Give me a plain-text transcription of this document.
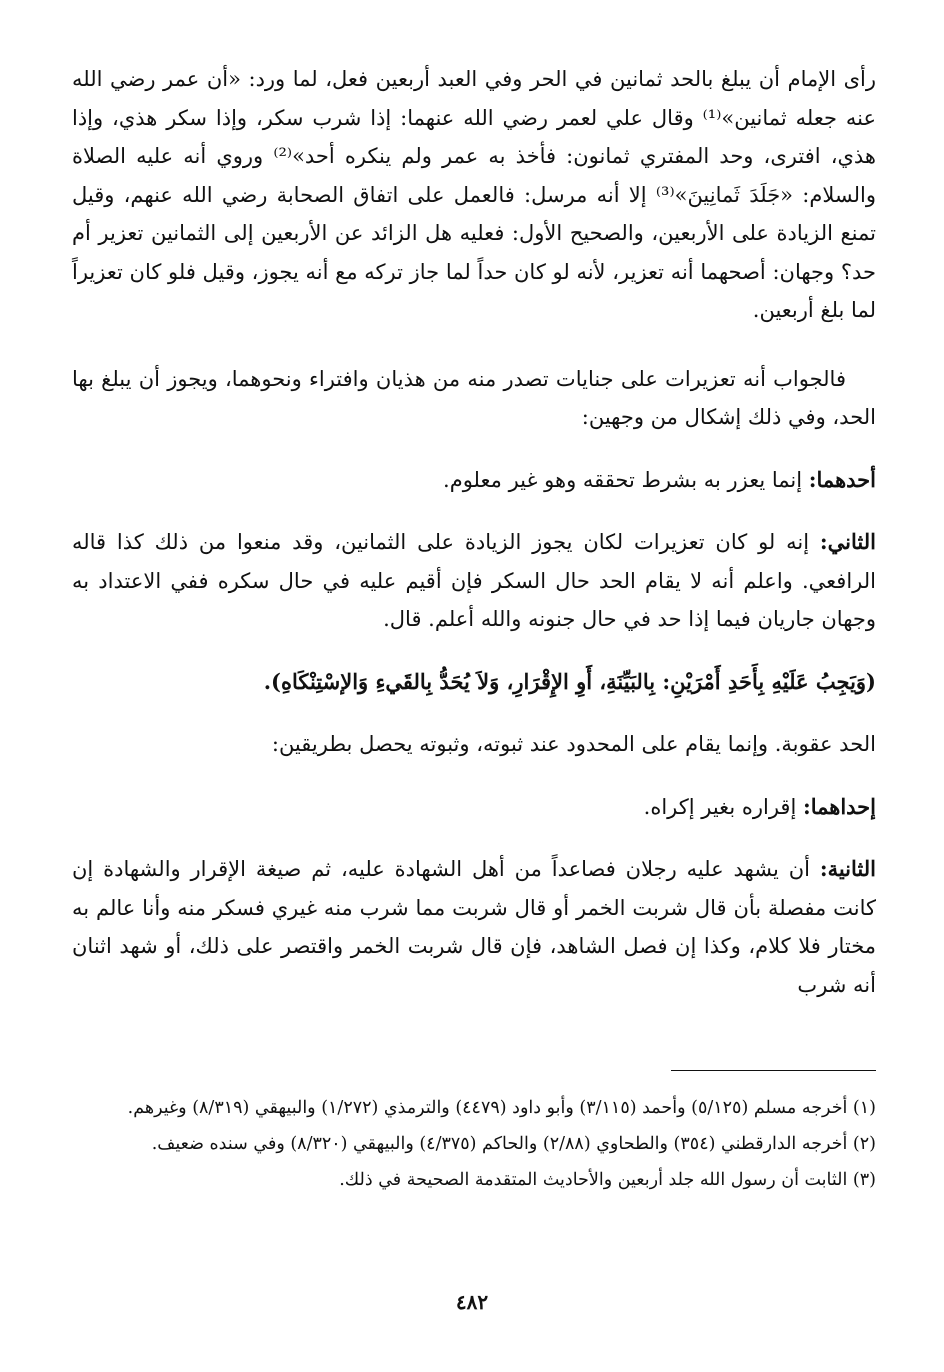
رأى الإمام أن يبلغ بالحد ثمانين في الحر وفي العبد أربعين فعل، لما ورد: «أن عمر رضي الله عنه جعله ثمانين»⁽¹⁾ وقال علي لعمر رضي الله عنهما: إذا شرب سكر، وإذا سكر هذي، وإذا هذي، افترى، وحد المفتري ثمانون: فأخذ به عمر ولم ينكره أحد»⁽²⁾ وروي أنه عليه الصلاة والسلام: «جَلَدَ ثَمانِينَ»⁽³⁾ إلا أنه مرسل: فالعمل على اتفاق الصحابة رضي الله عنهم، وقيل تمنع الزيادة على الأربعين، والصحيح الأول: فعليه هل الزائد عن الأربعين إلى الثمانين تعزير أم حد؟ وجهان: أصحهما أنه تعزير، لأنه لو كان حداً لما جاز تركه مع أنه يجوز، وقيل فلو كان تعزيراً لما بلغ أربعين.

فالجواب أنه تعزيرات على جنايات تصدر منه من هذيان وافتراء ونحوهما، ويجوز أن يبلغ بها الحد، وفي ذلك إشكال من وجهين:

أحدهما: إنما يعزر به بشرط تحققه وهو غير معلوم.

الثاني: إنه لو كان تعزيرات لكان يجوز الزيادة على الثمانين، وقد منعوا من ذلك كذا قاله الرافعي. واعلم أنه لا يقام الحد حال السكر فإن أقيم عليه في حال سكره ففي الاعتداد به وجهان جاريان فيما إذا حد في حال جنونه والله أعلم. قال.

(وَيَجِبُ عَلَيْهِ بِأَحَدِ أَمْرَيْنِ: بِالبَيِّنَةِ، أَوِ الإِقْرَارِ، وَلاَ يُحَدُّ بِالقَيءِ وَالإسْتِنْكَاهِ).

الحد عقوبة. وإنما يقام على المحدود عند ثبوته، وثبوته يحصل بطريقين:

إحداهما: إقراره بغير إكراه.

الثانية: أن يشهد عليه رجلان فصاعداً من أهل الشهادة عليه، ثم صيغة الإقرار والشهادة إن كانت مفصلة بأن قال شربت الخمر أو قال شربت مما شرب منه غيري فسكر منه وأنا عالم به مختار فلا كلام، وكذا إن فصل الشاهد، فإن قال شربت الخمر واقتصر على ذلك، أو شهد اثنان أنه شرب

(١) أخرجه مسلم (٥/١٢٥) وأحمد (٣/١١٥) وأبو داود (٤٤٧٩) والترمذي (١/٢٧٢) والبيهقي (٨/٣١٩) وغيرهم.

(٢) أخرجه الدارقطني (٣٥٤) والطحاوي (٢/٨٨) والحاكم (٤/٣٧٥) والبيهقي (٨/٣٢٠) وفي سنده ضعيف.

(٣) الثابت أن رسول الله جلد أربعين والأحاديث المتقدمة الصحيحة في ذلك.

٤٨٢
